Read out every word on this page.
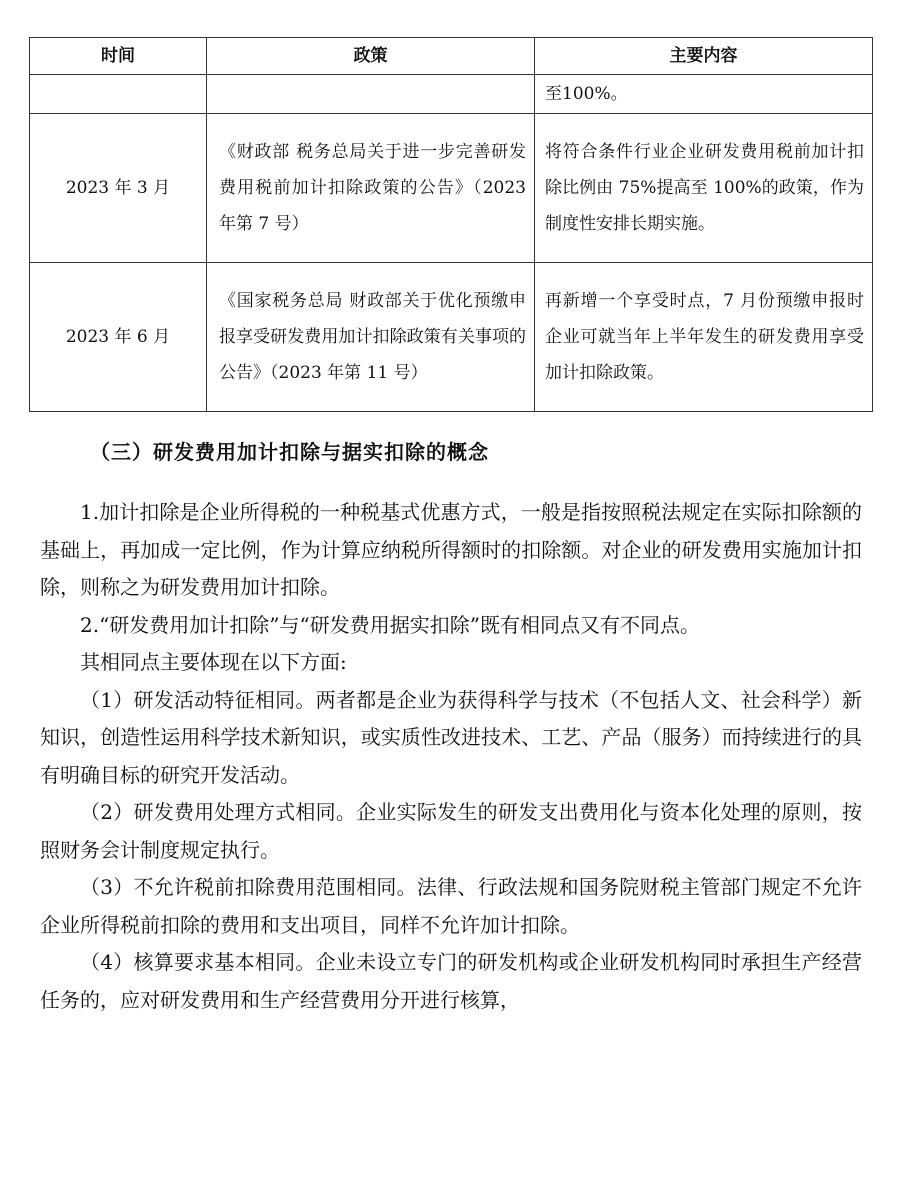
时间	政策	主要内容
		至100%。
2023 年 3 月	《财政部 税务总局关于进一步完善研发费用税前加计扣除政策的公告》（2023 年第 7 号）	将符合条件行业企业研发费用税前加计扣除比例由 75%提高至 100%的政策，作为制度性安排长期实施。
2023 年 6 月	《国家税务总局 财政部关于优化预缴申报享受研发费用加计扣除政策有关事项的公告》（2023 年第 11 号）	再新增一个享受时点，7 月份预缴申报时企业可就当年上半年发生的研发费用享受加计扣除政策。
（三）研发费用加计扣除与据实扣除的概念

1.加计扣除是企业所得税的一种税基式优惠方式，一般是指按照税法规定在实际扣除额的基础上，再加成一定比例，作为计算应纳税所得额时的扣除额。对企业的研发费用实施加计扣除，则称之为研发费用加计扣除。

2.“研发费用加计扣除”与“研发费用据实扣除”既有相同点又有不同点。

其相同点主要体现在以下方面:

（1）研发活动特征相同。两者都是企业为获得科学与技术（不包括人文、社会科学）新知识，创造性运用科学技术新知识，或实质性改进技术、工艺、产品（服务）而持续进行的具有明确目标的研究开发活动。

（2）研发费用处理方式相同。企业实际发生的研发支出费用化与资本化处理的原则，按照财务会计制度规定执行。

（3）不允许税前扣除费用范围相同。法律、行政法规和国务院财税主管部门规定不允许企业所得税前扣除的费用和支出项目，同样不允许加计扣除。

（4）核算要求基本相同。企业未设立专门的研发机构或企业研发机构同时承担生产经营任务的，应对研发费用和生产经营费用分开进行核算，
